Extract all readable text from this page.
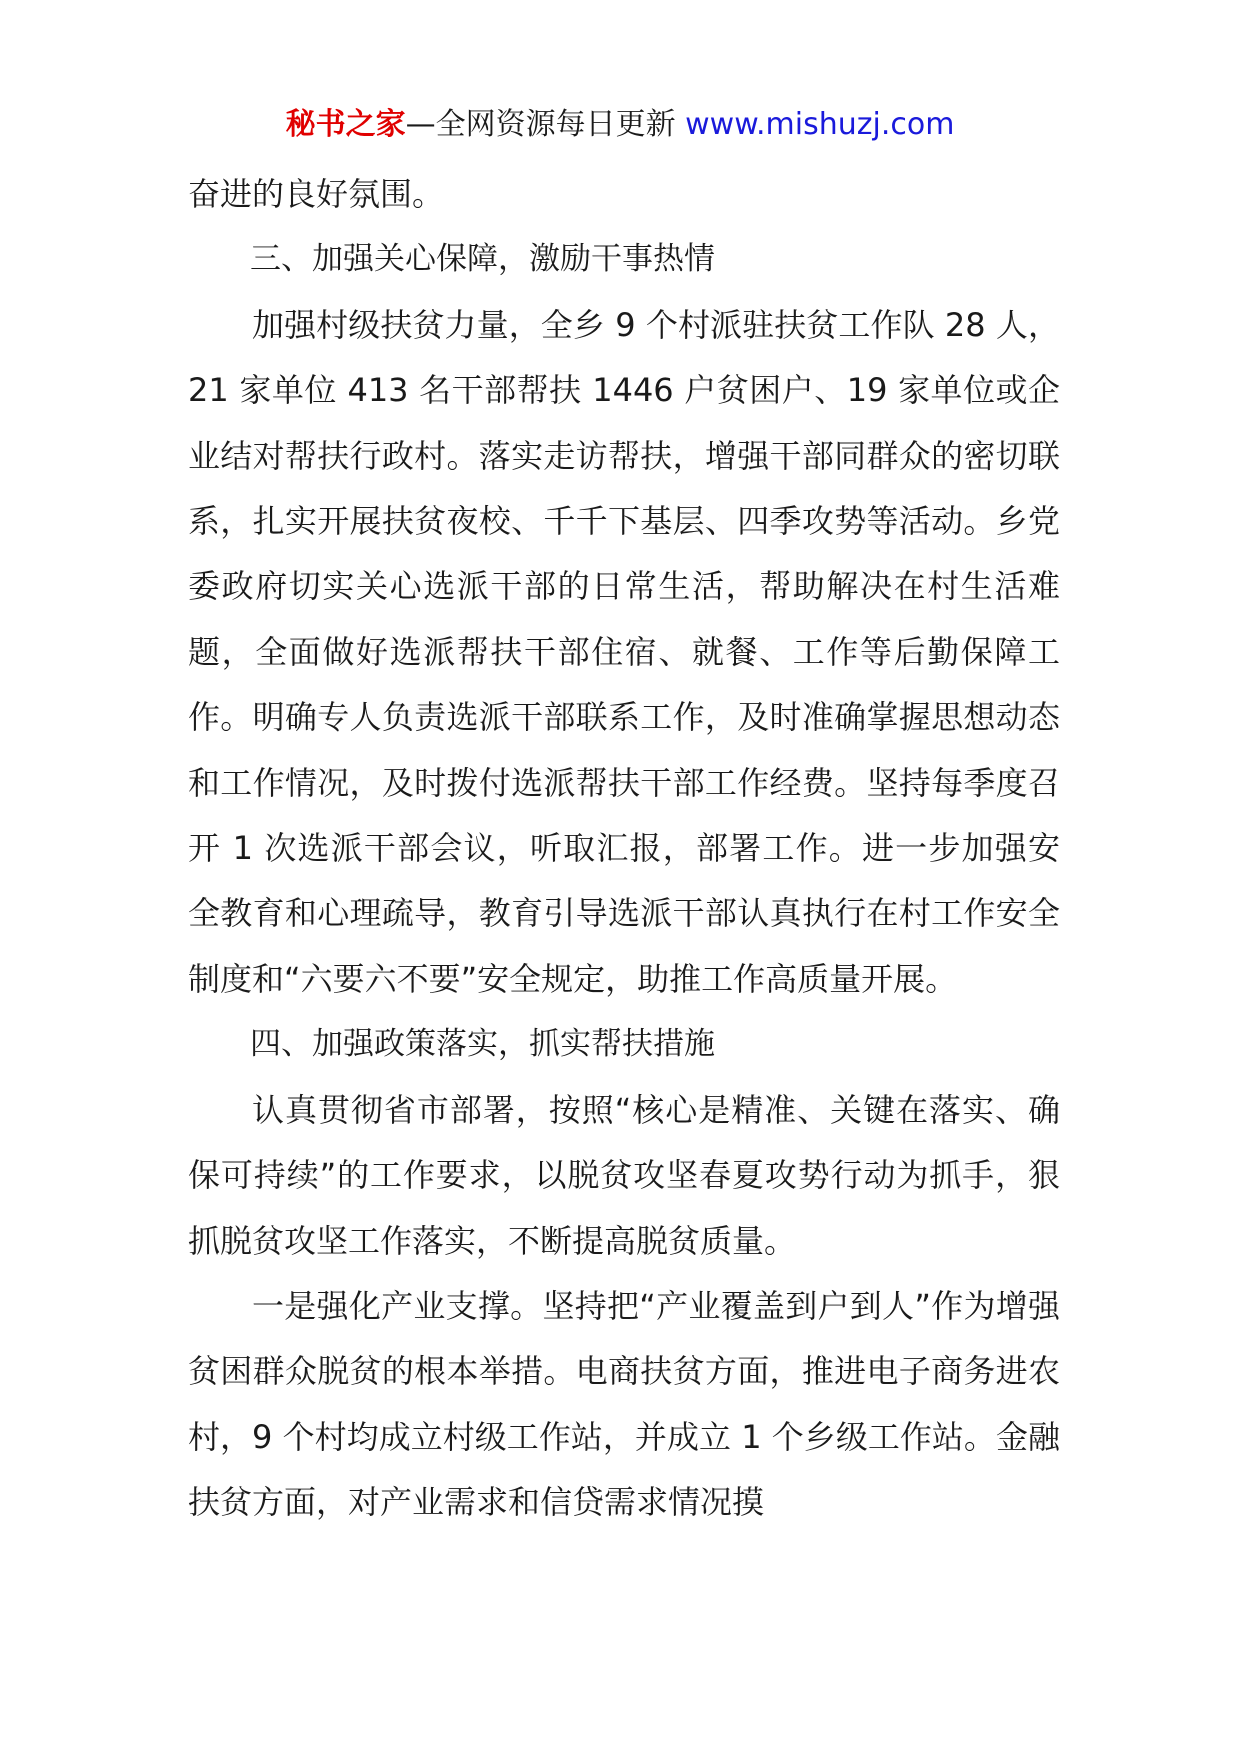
秘书之家—全网资源每日更新 www.mishuzj.com

奋进的良好氛围。

三、加强关心保障，激励干事热情

加强村级扶贫力量，全乡 9 个村派驻扶贫工作队 28 人，21 家单位 413 名干部帮扶 1446 户贫困户、19 家单位或企业结对帮扶行政村。落实走访帮扶，增强干部同群众的密切联系，扎实开展扶贫夜校、千千下基层、四季攻势等活动。乡党委政府切实关心选派干部的日常生活，帮助解决在村生活难题，全面做好选派帮扶干部住宿、就餐、工作等后勤保障工作。明确专人负责选派干部联系工作，及时准确掌握思想动态和工作情况，及时拨付选派帮扶干部工作经费。坚持每季度召开 1 次选派干部会议，听取汇报，部署工作。进一步加强安全教育和心理疏导，教育引导选派干部认真执行在村工作安全制度和“六要六不要”安全规定，助推工作高质量开展。

四、加强政策落实，抓实帮扶措施

认真贯彻省市部署，按照“核心是精准、关键在落实、确保可持续”的工作要求，以脱贫攻坚春夏攻势行动为抓手，狠抓脱贫攻坚工作落实，不断提高脱贫质量。

一是强化产业支撑。坚持把“产业覆盖到户到人”作为增强贫困群众脱贫的根本举措。电商扶贫方面，推进电子商务进农村，9 个村均成立村级工作站，并成立 1 个乡级工作站。金融扶贫方面，对产业需求和信贷需求情况摸
